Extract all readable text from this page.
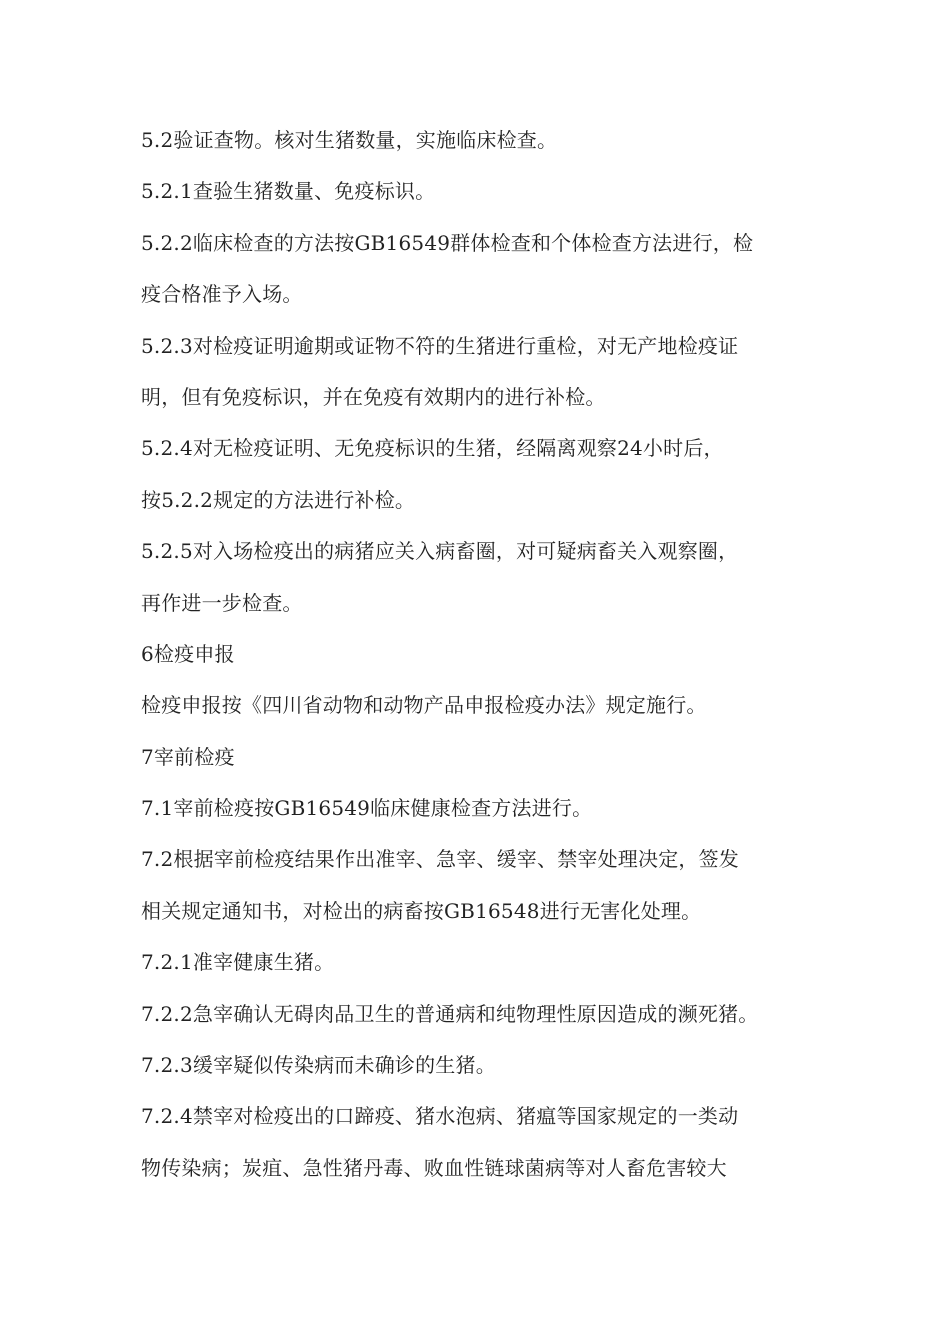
5.2验证查物。核对生猪数量，实施临床检查。
5.2.1查验生猪数量、免疫标识。
5.2.2临床检查的方法按GB16549群体检查和个体检查方法进行，检
疫合格准予入场。
5.2.3对检疫证明逾期或证物不符的生猪进行重检，对无产地检疫证
明，但有免疫标识，并在免疫有效期内的进行补检。
5.2.4对无检疫证明、无免疫标识的生猪，经隔离观察24小时后，
按5.2.2规定的方法进行补检。
5.2.5对入场检疫出的病猪应关入病畜圈，对可疑病畜关入观察圈，
再作进一步检查。
6检疫申报
检疫申报按《四川省动物和动物产品申报检疫办法》规定施行。
7宰前检疫
7.1宰前检疫按GB16549临床健康检查方法进行。
7.2根据宰前检疫结果作出准宰、急宰、缓宰、禁宰处理决定，签发
相关规定通知书，对检出的病畜按GB16548进行无害化处理。
7.2.1准宰健康生猪。
7.2.2急宰确认无碍肉品卫生的普通病和纯物理性原因造成的濒死猪。
7.2.3缓宰疑似传染病而未确诊的生猪。
7.2.4禁宰对检疫出的口蹄疫、猪水泡病、猪瘟等国家规定的一类动
物传染病；炭疽、急性猪丹毒、败血性链球菌病等对人畜危害较大
